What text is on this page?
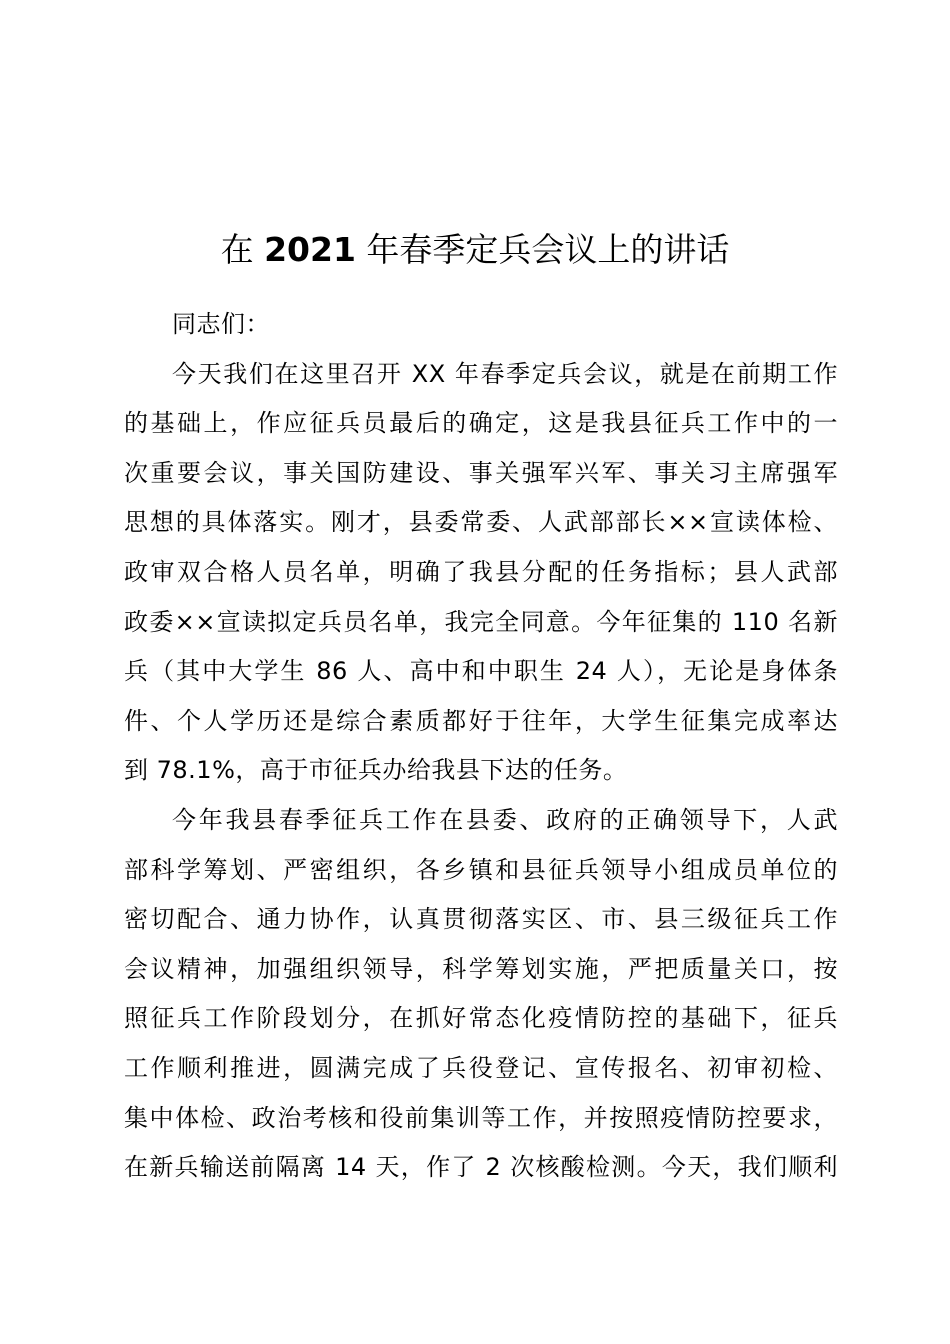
在 2021 年春季定兵会议上的讲话

同志们：

今天我们在这里召开 XX 年春季定兵会议，就是在前期工作
的基础上，作应征兵员最后的确定，这是我县征兵工作中的一
次重要会议，事关国防建设、事关强军兴军、事关习主席强军
思想的具体落实。刚才，县委常委、人武部部长××宣读体检、
政审双合格人员名单，明确了我县分配的任务指标；县人武部
政委××宣读拟定兵员名单，我完全同意。今年征集的 110 名新
兵（其中大学生 86 人、高中和中职生 24 人），无论是身体条
件、个人学历还是综合素质都好于往年，大学生征集完成率达
到 78.1%，高于市征兵办给我县下达的任务。

今年我县春季征兵工作在县委、政府的正确领导下，人武
部科学筹划、严密组织，各乡镇和县征兵领导小组成员单位的
密切配合、通力协作，认真贯彻落实区、市、县三级征兵工作
会议精神，加强组织领导，科学筹划实施，严把质量关口，按
照征兵工作阶段划分，在抓好常态化疫情防控的基础下，征兵
工作顺利推进，圆满完成了兵役登记、宣传报名、初审初检、
集中体检、政治考核和役前集训等工作，并按照疫情防控要求，
在新兵输送前隔离 14 天，作了 2 次核酸检测。今天，我们顺利
